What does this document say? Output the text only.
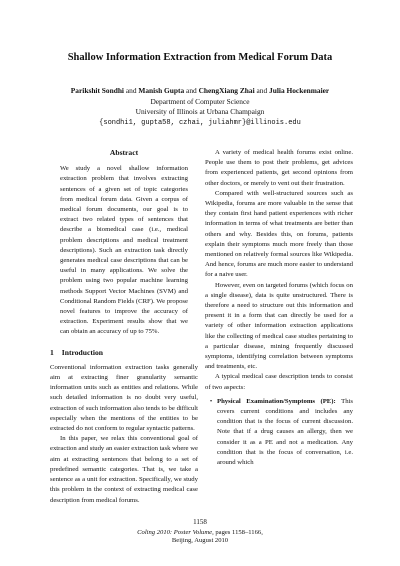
Shallow Information Extraction from Medical Forum Data
Parikshit Sondhi and Manish Gupta and ChengXiang Zhai and Julia Hockenmaier
Department of Computer Science
University of Illinois at Urbana Champaign
{sondhi1, gupta58, czhai, juliahmr}@illinois.edu
Abstract

We study a novel shallow information extraction problem that involves extracting sentences of a given set of topic categories from medical forum data. Given a corpus of medical forum documents, our goal is to extract two related types of sentences that describe a biomedical case (i.e., medical problem descriptions and medical treatment descriptions). Such an extraction task directly generates medical case descriptions that can be useful in many applications. We solve the problem using two popular machine learning methods Support Vector Machines (SVM) and Conditional Random Fields (CRF). We propose novel features to improve the accuracy of extraction. Experiment results show that we can obtain an accuracy of up to 75%.

1 Introduction

Conventional information extraction tasks generally aim at extracting finer granularity semantic information units such as entities and relations. While such detailed information is no doubt very useful, extraction of such information also tends to be difficult especially when the mentions of the entities to be extracted do not conform to regular syntactic patterns.

In this paper, we relax this conventional goal of extraction and study an easier extraction task where we aim at extracting sentences that belong to a set of predefined semantic categories. That is, we take a sentence as a unit for extraction. Specifically, we study this problem in the context of extracting medical case description from medical forums.

A variety of medical health forums exist online. People use them to post their problems, get advices from experienced patients, get second opinions from other doctors, or merely to vent out their frustration.

Compared with well-structured sources such as Wikipedia, forums are more valuable in the sense that they contain first hand patient experiences with richer information in terms of what treatments are better than others and why. Besides this, on forums, patients explain their symptoms much more freely than those mentioned on relatively formal sources like Wikipedia. And hence, forums are much more easier to understand for a naive user.

However, even on targeted forums (which focus on a single disease), data is quite unstructured. There is therefore a need to structure out this information and present it in a form that can directly be used for a variety of other information extraction applications like the collecting of medical case studies pertaining to a particular disease, mining frequently discussed symptoms, identifying correlation between symptoms and treatments, etc.

A typical medical case description tends to consist of two aspects:

• Physical Examination/Symptoms (PE): This covers current conditions and includes any condition that is the focus of current discussion. Note that if a drug causes an allergy, then we consider it as a PE and not a medication. Any condition that is the focus of conversation, i.e. around which
1158
Coling 2010: Poster Volume, pages 1158–1166,
Beijing, August 2010
